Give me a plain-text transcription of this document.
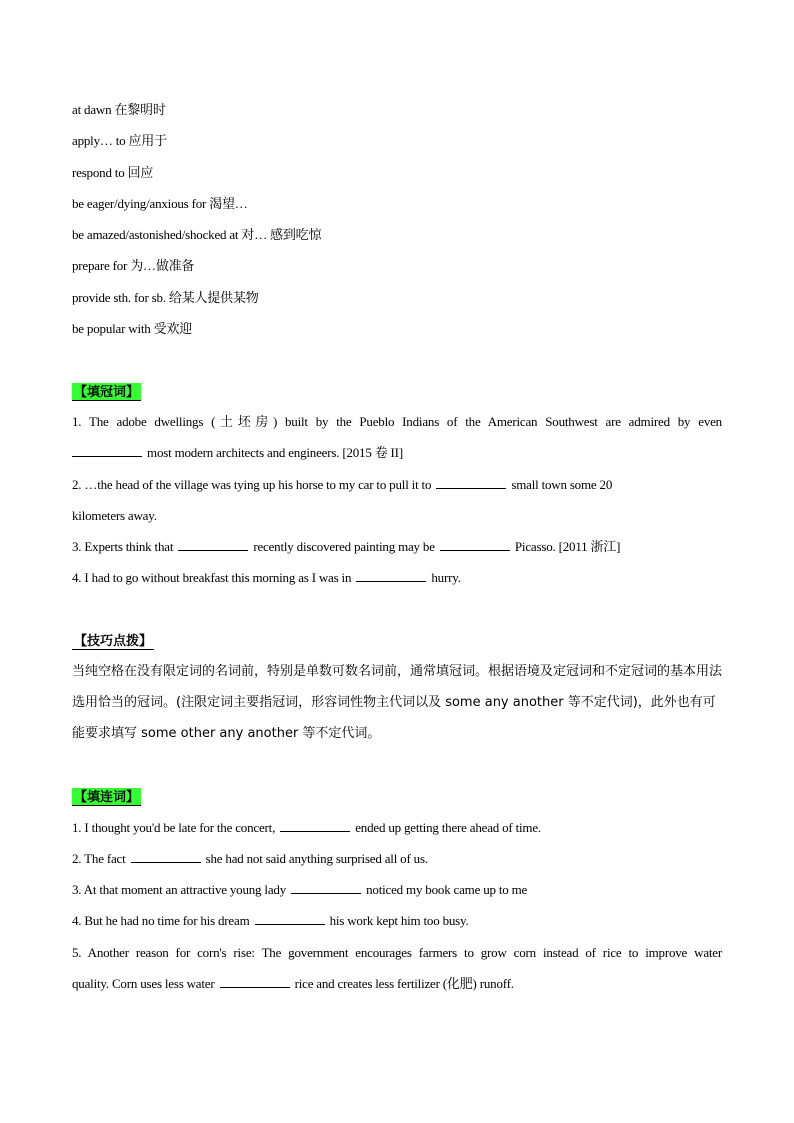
at dawn 在黎明时
apply… to 应用于
respond to 回应
be eager/dying/anxious for 渴望…
be amazed/astonished/shocked at 对… 感到吃惊
prepare for 为…做准备
provide sth. for sb. 给某人提供某物
be popular with 受欢迎
【填冠词】
1. The adobe dwellings (土坯房) built by the Pueblo Indians of the American Southwest are admired by even
most modern architects and engineers. [2015 卷 II]
2. …the head of the village was tying up his horse to my car to pull it to	small town some 20
kilometers away.
3. Experts think that	recently discovered painting may be	Picasso. [2011 浙江]
4. I had to go without breakfast this morning as I was in	hurry.
【技巧点拨】
当纯空格在没有限定词的名词前，特别是单数可数名词前，通常填冠词。根据语境及定冠词和不定冠词的基本用法选用恰当的冠词。(注限定词主要指冠词，形容词性物主代词以及 some any another 等不定代词)，此外也有可能要求填写 some other any another 等不定代词。
【填连词】
1. I thought you'd be late for the concert,	ended up getting there ahead of time.
2. The fact	she had not said anything surprised all of us.
3. At that moment an attractive young lady	noticed my book came up to me
4. But he had no time for his dream	his work kept him too busy.
5. Another reason for corn's rise: The government encourages farmers to grow corn instead of rice to improve water
quality. Corn uses less water	rice and creates less fertilizer (化肥) runoff.
